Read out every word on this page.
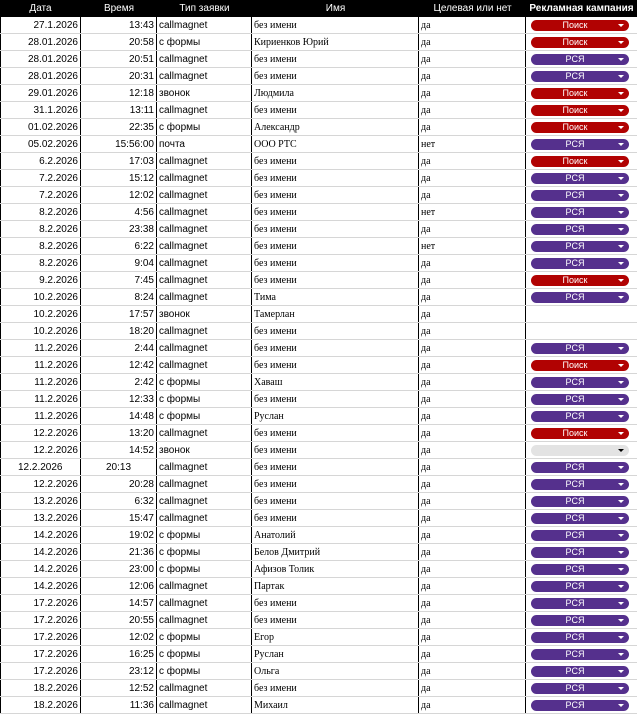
Дата	Время	Тип заявки	Имя	Целевая или нет	Рекламная кампания
27.1.2026	13:43 callmagnet	без имени	да	Поиск
28.01.2026	20:58 с формы	Кириенков Юрий	да	Поиск
28.01.2026	20:51 callmagnet	без имени	да	РСЯ
28.01.2026	20:31 callmagnet	без имени	да	РСЯ
29.01.2026	12:18 звонок	Людмила	да	Поиск
31.1.2026	13:11 callmagnet	без имени	да	Поиск
01.02.2026	22:35 с формы	Александр	да	Поиск
05.02.2026	15:56:00 почта	ООО РТС	нет	РСЯ
6.2.2026	17:03 callmagnet	без имени	да	Поиск
7.2.2026	15:12 callmagnet	без имени	да	РСЯ
7.2.2026	12:02 callmagnet	без имени	да	РСЯ
8.2.2026	4:56 callmagnet	без имени	нет	РСЯ
8.2.2026	23:38 callmagnet	без имени	да	РСЯ
8.2.2026	6:22 callmagnet	без имени	нет	РСЯ
8.2.2026	9:04 callmagnet	без имени	да	РСЯ
9.2.2026	7:45 callmagnet	без имени	да	Поиск
10.2.2026	8:24 callmagnet	Тима	да	РСЯ
10.2.2026	17:57 звонок	Тамерлан	да
10.2.2026	18:20 callmagnet	без имени	да
11.2.2026	2:44 callmagnet	без имени	да	РСЯ
11.2.2026	12:42 callmagnet	без имени	да	Поиск
11.2.2026	2:42 с формы	Хаваш	да	РСЯ
11.2.2026	12:33 с формы	без имени	да	РСЯ
11.2.2026	14:48 с формы	Руслан	да	РСЯ
12.2.2026	13:20 callmagnet	без имени	да	Поиск
12.2.2026	14:52 звонок	без имени	да
12.2.2026	20:13	callmagnet	без имени	да	РСЯ
12.2.2026	20:28 callmagnet	без имени	да	РСЯ
13.2.2026	6:32 callmagnet	без имени	да	РСЯ
13.2.2026	15:47 callmagnet	без имени	да	РСЯ
14.2.2026	19:02 с формы	Анатолий	да	РСЯ
14.2.2026	21:36 с формы	Белов Дмитрий	да	РСЯ
14.2.2026	23:00 с формы	Афизов Толик	да	РСЯ
14.2.2026	12:06 callmagnet	Партак	да	РСЯ
17.2.2026	14:57 callmagnet	без имени	да	РСЯ
17.2.2026	20:55 callmagnet	без имени	да	РСЯ
17.2.2026	12:02 с формы	Егор	да	РСЯ
17.2.2026	16:25 с формы	Руслан	да	РСЯ
17.2.2026	23:12 с формы	Ольга	да	РСЯ
18.2.2026	12:52 callmagnet	без имени	да	РСЯ
18.2.2026	11:36 callmagnet	Михаил	да	РСЯ
